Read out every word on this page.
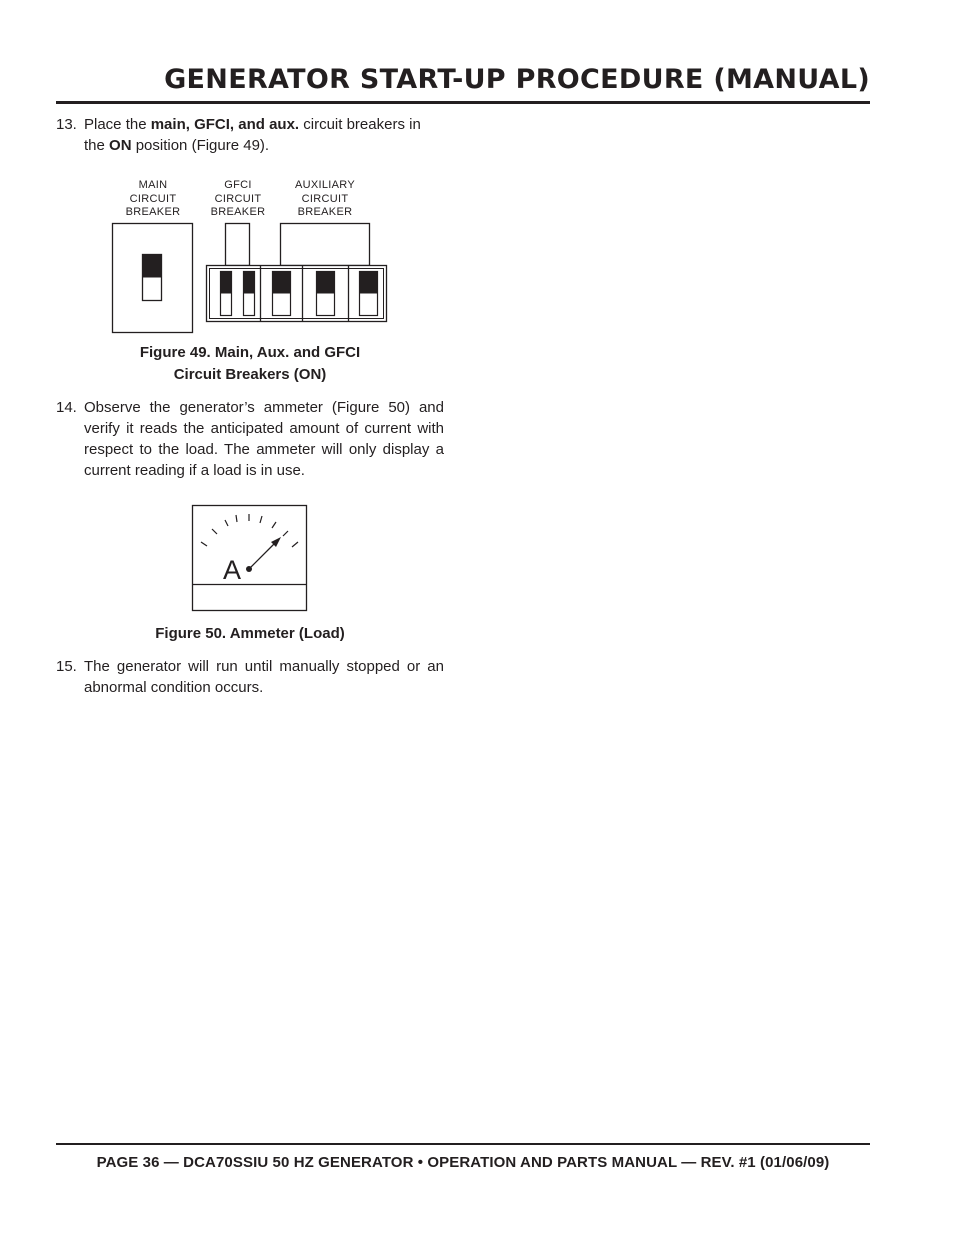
GENERATOR START-UP PROCEDURE (MANUAL)
13. Place the main, GFCI, and aux. circuit breakers in the ON position (Figure 49).
MAIN
CIRCUIT
BREAKER
GFCI
CIRCUIT
BREAKER
AUXILIARY
CIRCUIT
BREAKER
Figure 49. Main, Aux. and GFCI
Circuit Breakers (ON)
14. Observe the generator’s ammeter (Figure 50) and verify it reads the anticipated amount of current with respect to the load. The ammeter will only display a current reading if a load is in use.
A
Figure 50. Ammeter (Load)
15. The generator will run until manually stopped or an abnormal condition occurs.
PAGE 36 — DCA70SSIU 50 HZ GENERATOR • OPERATION AND PARTS MANUAL — REV. #1 (01/06/09)
